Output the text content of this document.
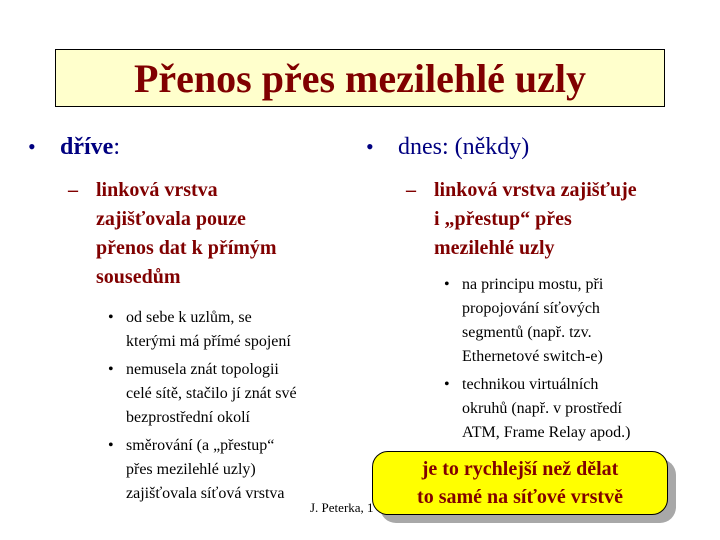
Přenos přes mezilehlé uzly
•	dříve:
– linková vrstva
zajišťovala pouze
přenos dat k přímým
sousedům
• od sebe k uzlům, se
kterými má přímé spojení
• nemusela znát topologii
celé sítě, stačilo jí znát své
bezprostřední okolí
• směrování (a „přestup“
přes mezilehlé uzly)
zajišťovala síťová vrstva
•	dnes: (někdy)
– linková vrstva zajišťuje
i „přestup“ přes
mezilehlé uzly
• na principu mostu, při
propojování síťových
segmentů (např. tzv.
Ethernetové switch-e)
• technikou virtuálních
okruhů (např. v prostředí
ATM, Frame Relay apod.)
J. Peterka, 1
je to rychlejší než dělat
to samé na síťové vrstvě
